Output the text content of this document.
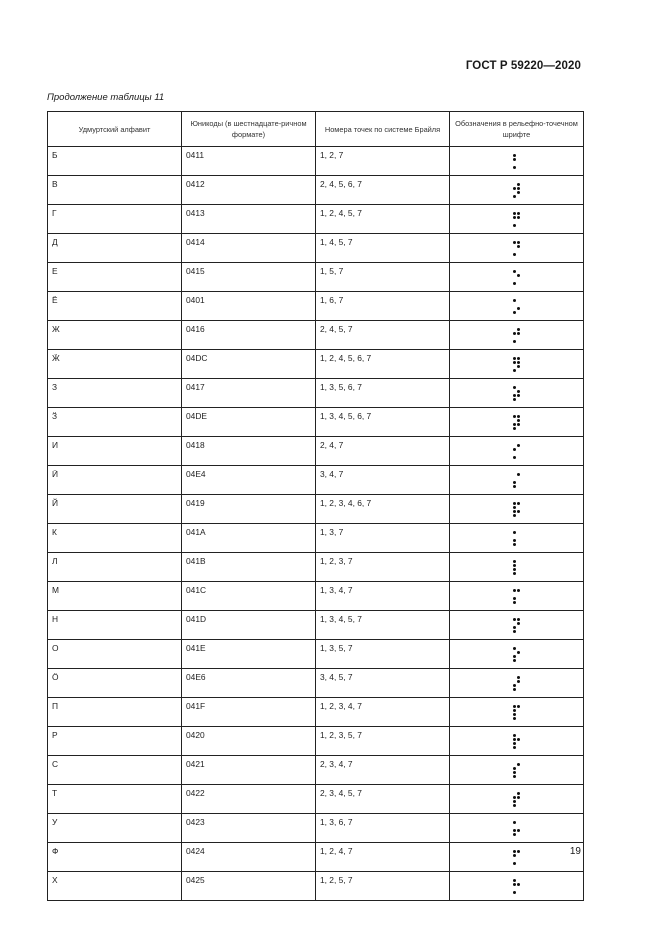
ГОСТ Р 59220—2020
Продолжение таблицы 11
Удмуртский алфавит	Юникоды (в шестнадцате-ричном формате)	Номера точек по системе Брайля	Обозначения в рельефно-точечном шрифте
Б	0411	1, 2, 7	

В	0412	2, 4, 5, 6, 7	

Г	0413	1, 2, 4, 5, 7	

Д	0414	1, 4, 5, 7	

Е	0415	1, 5, 7	

Ё	0401	1, 6, 7	

Ж	0416	2, 4, 5, 7	

Ӝ	04DC	1, 2, 4, 5, 6, 7	

З	0417	1, 3, 5, 6, 7	

Ӟ	04DE	1, 3, 4, 5, 6, 7	

И	0418	2, 4, 7	

Ӥ	04E4	3, 4, 7	

Й	0419	1, 2, 3, 4, 6, 7	

К	041A	1, 3, 7	

Л	041B	1, 2, 3, 7	

М	041C	1, 3, 4, 7	

Н	041D	1, 3, 4, 5, 7	

О	041E	1, 3, 5, 7	

Ӧ	04E6	3, 4, 5, 7	

П	041F	1, 2, 3, 4, 7	

Р	0420	1, 2, 3, 5, 7	

С	0421	2, 3, 4, 7	

Т	0422	2, 3, 4, 5, 7	

У	0423	1, 3, 6, 7	

Ф	0424	1, 2, 4, 7	

Х	0425	1, 2, 5, 7	
19
